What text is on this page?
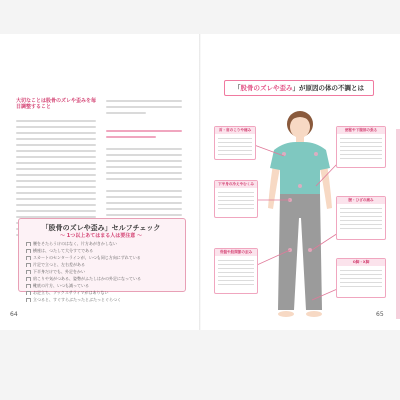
大切なことは股骨のズレや歪みを毎日調整すること
「股骨のズレや歪み」セルフチェック
～ 1つ以上あてはまる人は要注意 ～
腰をそたらうけのはなく、片方あがきかしない
横座は、つたして大分すてである
スカートのセンターラインが、いつも同じ方向にずれている
片足で立つと、左右差がある
下半身だけでも、外足をかい
肩こりや気がつある、姿勢がふたしはかの外足になっている
靴底の片方、いつも減っている
お足立ち、ソックスサライマがはありない
立つると、すぐすらぶたったとぶたっとぐらつく
64
「股骨のズレや歪み」が原因の体の不調とは
首・肩のこりや痛み	便秘や下腹部の張る
下半身の冷えやむくみ
腰・ひざの痛み
骨盤や股関節の歪み
O脚・X脚
65
